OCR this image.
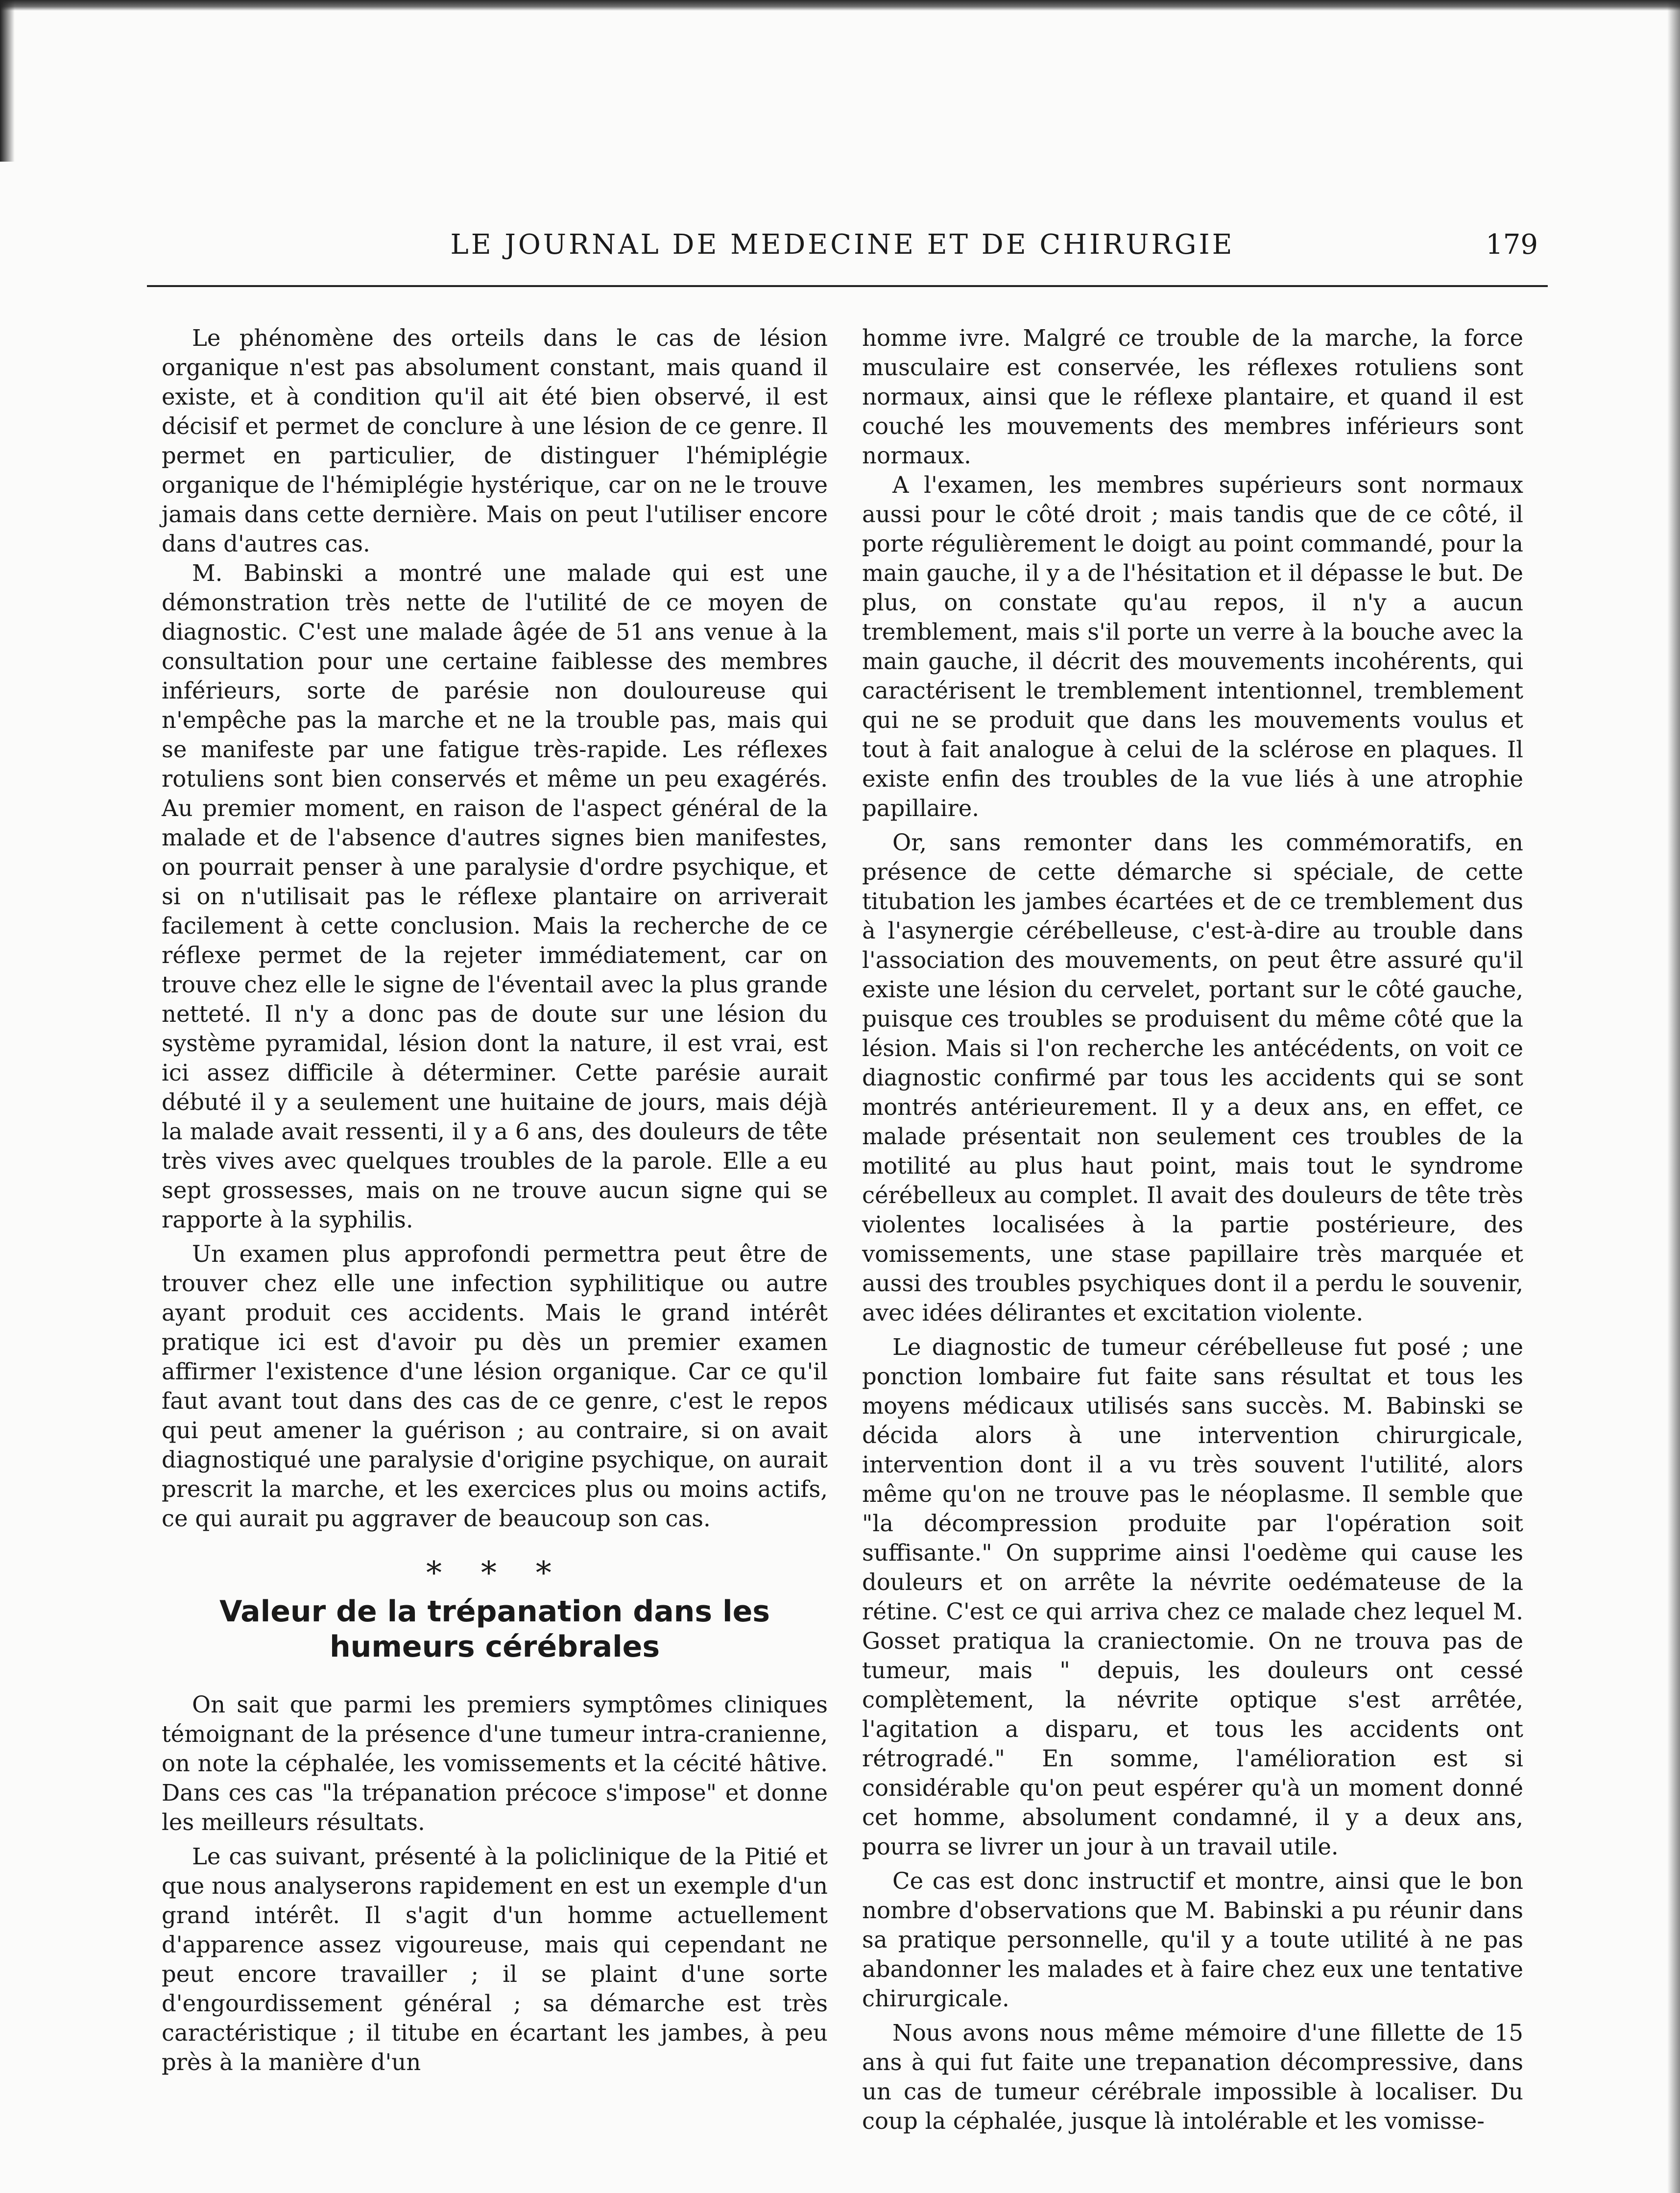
LE JOURNAL DE MEDECINE ET DE CHIRURGIE	179

Le phénomène des orteils dans le cas de lésion organique n'est pas absolument constant, mais quand il existe, et à condition qu'il ait été bien observé, il est décisif et permet de conclure à une lésion de ce genre. Il permet en particulier, de distinguer l'hémiplégie organique de l'hémiplégie hystérique, car on ne le trouve jamais dans cette dernière. Mais on peut l'utiliser encore dans d'autres cas.

M. Babinski a montré une malade qui est une démonstration très nette de l'utilité de ce moyen de diagnostic. C'est une malade âgée de 51 ans venue à la consultation pour une certaine faiblesse des membres inférieurs, sorte de parésie non douloureuse qui n'empêche pas la marche et ne la trouble pas, mais qui se manifeste par une fatigue très-rapide. Les réflexes rotuliens sont bien conservés et même un peu exagérés. Au premier moment, en raison de l'aspect général de la malade et de l'absence d'autres signes bien manifestes, on pourrait penser à une paralysie d'ordre psychique, et si on n'utilisait pas le réflexe plantaire on arriverait facilement à cette conclusion. Mais la recherche de ce réflexe permet de la rejeter immédiatement, car on trouve chez elle le signe de l'éventail avec la plus grande netteté. Il n'y a donc pas de doute sur une lésion du système pyramidal, lésion dont la nature, il est vrai, est ici assez difficile à déterminer. Cette parésie aurait débuté il y a seulement une huitaine de jours, mais déjà la malade avait ressenti, il y a 6 ans, des douleurs de tête très vives avec quelques troubles de la parole. Elle a eu sept grossesses, mais on ne trouve aucun signe qui se rapporte à la syphilis.

Un examen plus approfondi permettra peut être de trouver chez elle une infection syphilitique ou autre ayant produit ces accidents. Mais le grand intérêt pratique ici est d'avoir pu dès un premier examen affirmer l'existence d'une lésion organique. Car ce qu'il faut avant tout dans des cas de ce genre, c'est le repos qui peut amener la guérison ; au contraire, si on avait diagnostiqué une paralysie d'origine psychique, on aurait prescrit la marche, et les exercices plus ou moins actifs, ce qui aurait pu aggraver de beaucoup son cas.

∗ ∗ ∗
Valeur de la trépanation dans les humeurs cérébrales

On sait que parmi les premiers symptômes cliniques témoignant de la présence d'une tumeur intra-cranienne, on note la céphalée, les vomissements et la cécité hâtive. Dans ces cas "la trépanation précoce s'impose" et donne les meilleurs résultats.

Le cas suivant, présenté à la policlinique de la Pitié et que nous analyserons rapidement en est un exemple d'un grand intérêt. Il s'agit d'un homme actuellement d'apparence assez vigoureuse, mais qui cependant ne peut encore travailler ; il se plaint d'une sorte d'engourdissement général ; sa démarche est très caractéristique ; il titube en écartant les jambes, à peu près à la manière d'un

homme ivre. Malgré ce trouble de la marche, la force musculaire est conservée, les réflexes rotuliens sont normaux, ainsi que le réflexe plantaire, et quand il est couché les mouvements des membres inférieurs sont normaux.

A l'examen, les membres supérieurs sont normaux aussi pour le côté droit ; mais tandis que de ce côté, il porte régulièrement le doigt au point commandé, pour la main gauche, il y a de l'hésitation et il dépasse le but. De plus, on constate qu'au repos, il n'y a aucun tremblement, mais s'il porte un verre à la bouche avec la main gauche, il décrit des mouvements incohérents, qui caractérisent le tremblement intentionnel, tremblement qui ne se produit que dans les mouvements voulus et tout à fait analogue à celui de la sclérose en plaques. Il existe enfin des troubles de la vue liés à une atrophie papillaire.

Or, sans remonter dans les commémoratifs, en présence de cette démarche si spéciale, de cette titubation les jambes écartées et de ce tremblement dus à l'asynergie cérébelleuse, c'est-à-dire au trouble dans l'association des mouvements, on peut être assuré qu'il existe une lésion du cervelet, portant sur le côté gauche, puisque ces troubles se produisent du même côté que la lésion. Mais si l'on recherche les antécédents, on voit ce diagnostic confirmé par tous les accidents qui se sont montrés antérieurement. Il y a deux ans, en effet, ce malade présentait non seulement ces troubles de la motilité au plus haut point, mais tout le syndrome cérébelleux au complet. Il avait des douleurs de tête très violentes localisées à la partie postérieure, des vomissements, une stase papillaire très marquée et aussi des troubles psychiques dont il a perdu le souvenir, avec idées délirantes et excitation violente.

Le diagnostic de tumeur cérébelleuse fut posé ; une ponction lombaire fut faite sans résultat et tous les moyens médicaux utilisés sans succès. M. Babinski se décida alors à une intervention chirurgicale, intervention dont il a vu très souvent l'utilité, alors même qu'on ne trouve pas le néoplasme. Il semble que "la décompression produite par l'opération soit suffisante." On supprime ainsi l'oedème qui cause les douleurs et on arrête la névrite oedémateuse de la rétine. C'est ce qui arriva chez ce malade chez lequel M. Gosset pratiqua la craniectomie. On ne trouva pas de tumeur, mais " depuis, les douleurs ont cessé complètement, la névrite optique s'est arrêtée, l'agitation a disparu, et tous les accidents ont rétrogradé." En somme, l'amélioration est si considérable qu'on peut espérer qu'à un moment donné cet homme, absolument condamné, il y a deux ans, pourra se livrer un jour à un travail utile.

Ce cas est donc instructif et montre, ainsi que le bon nombre d'observations que M. Babinski a pu réunir dans sa pratique personnelle, qu'il y a toute utilité à ne pas abandonner les malades et à faire chez eux une tentative chirurgicale.

Nous avons nous même mémoire d'une fillette de 15 ans à qui fut faite une trepanation décompressive, dans un cas de tumeur cérébrale impossible à localiser. Du coup la céphalée, jusque là intolérable et les vomisse-
